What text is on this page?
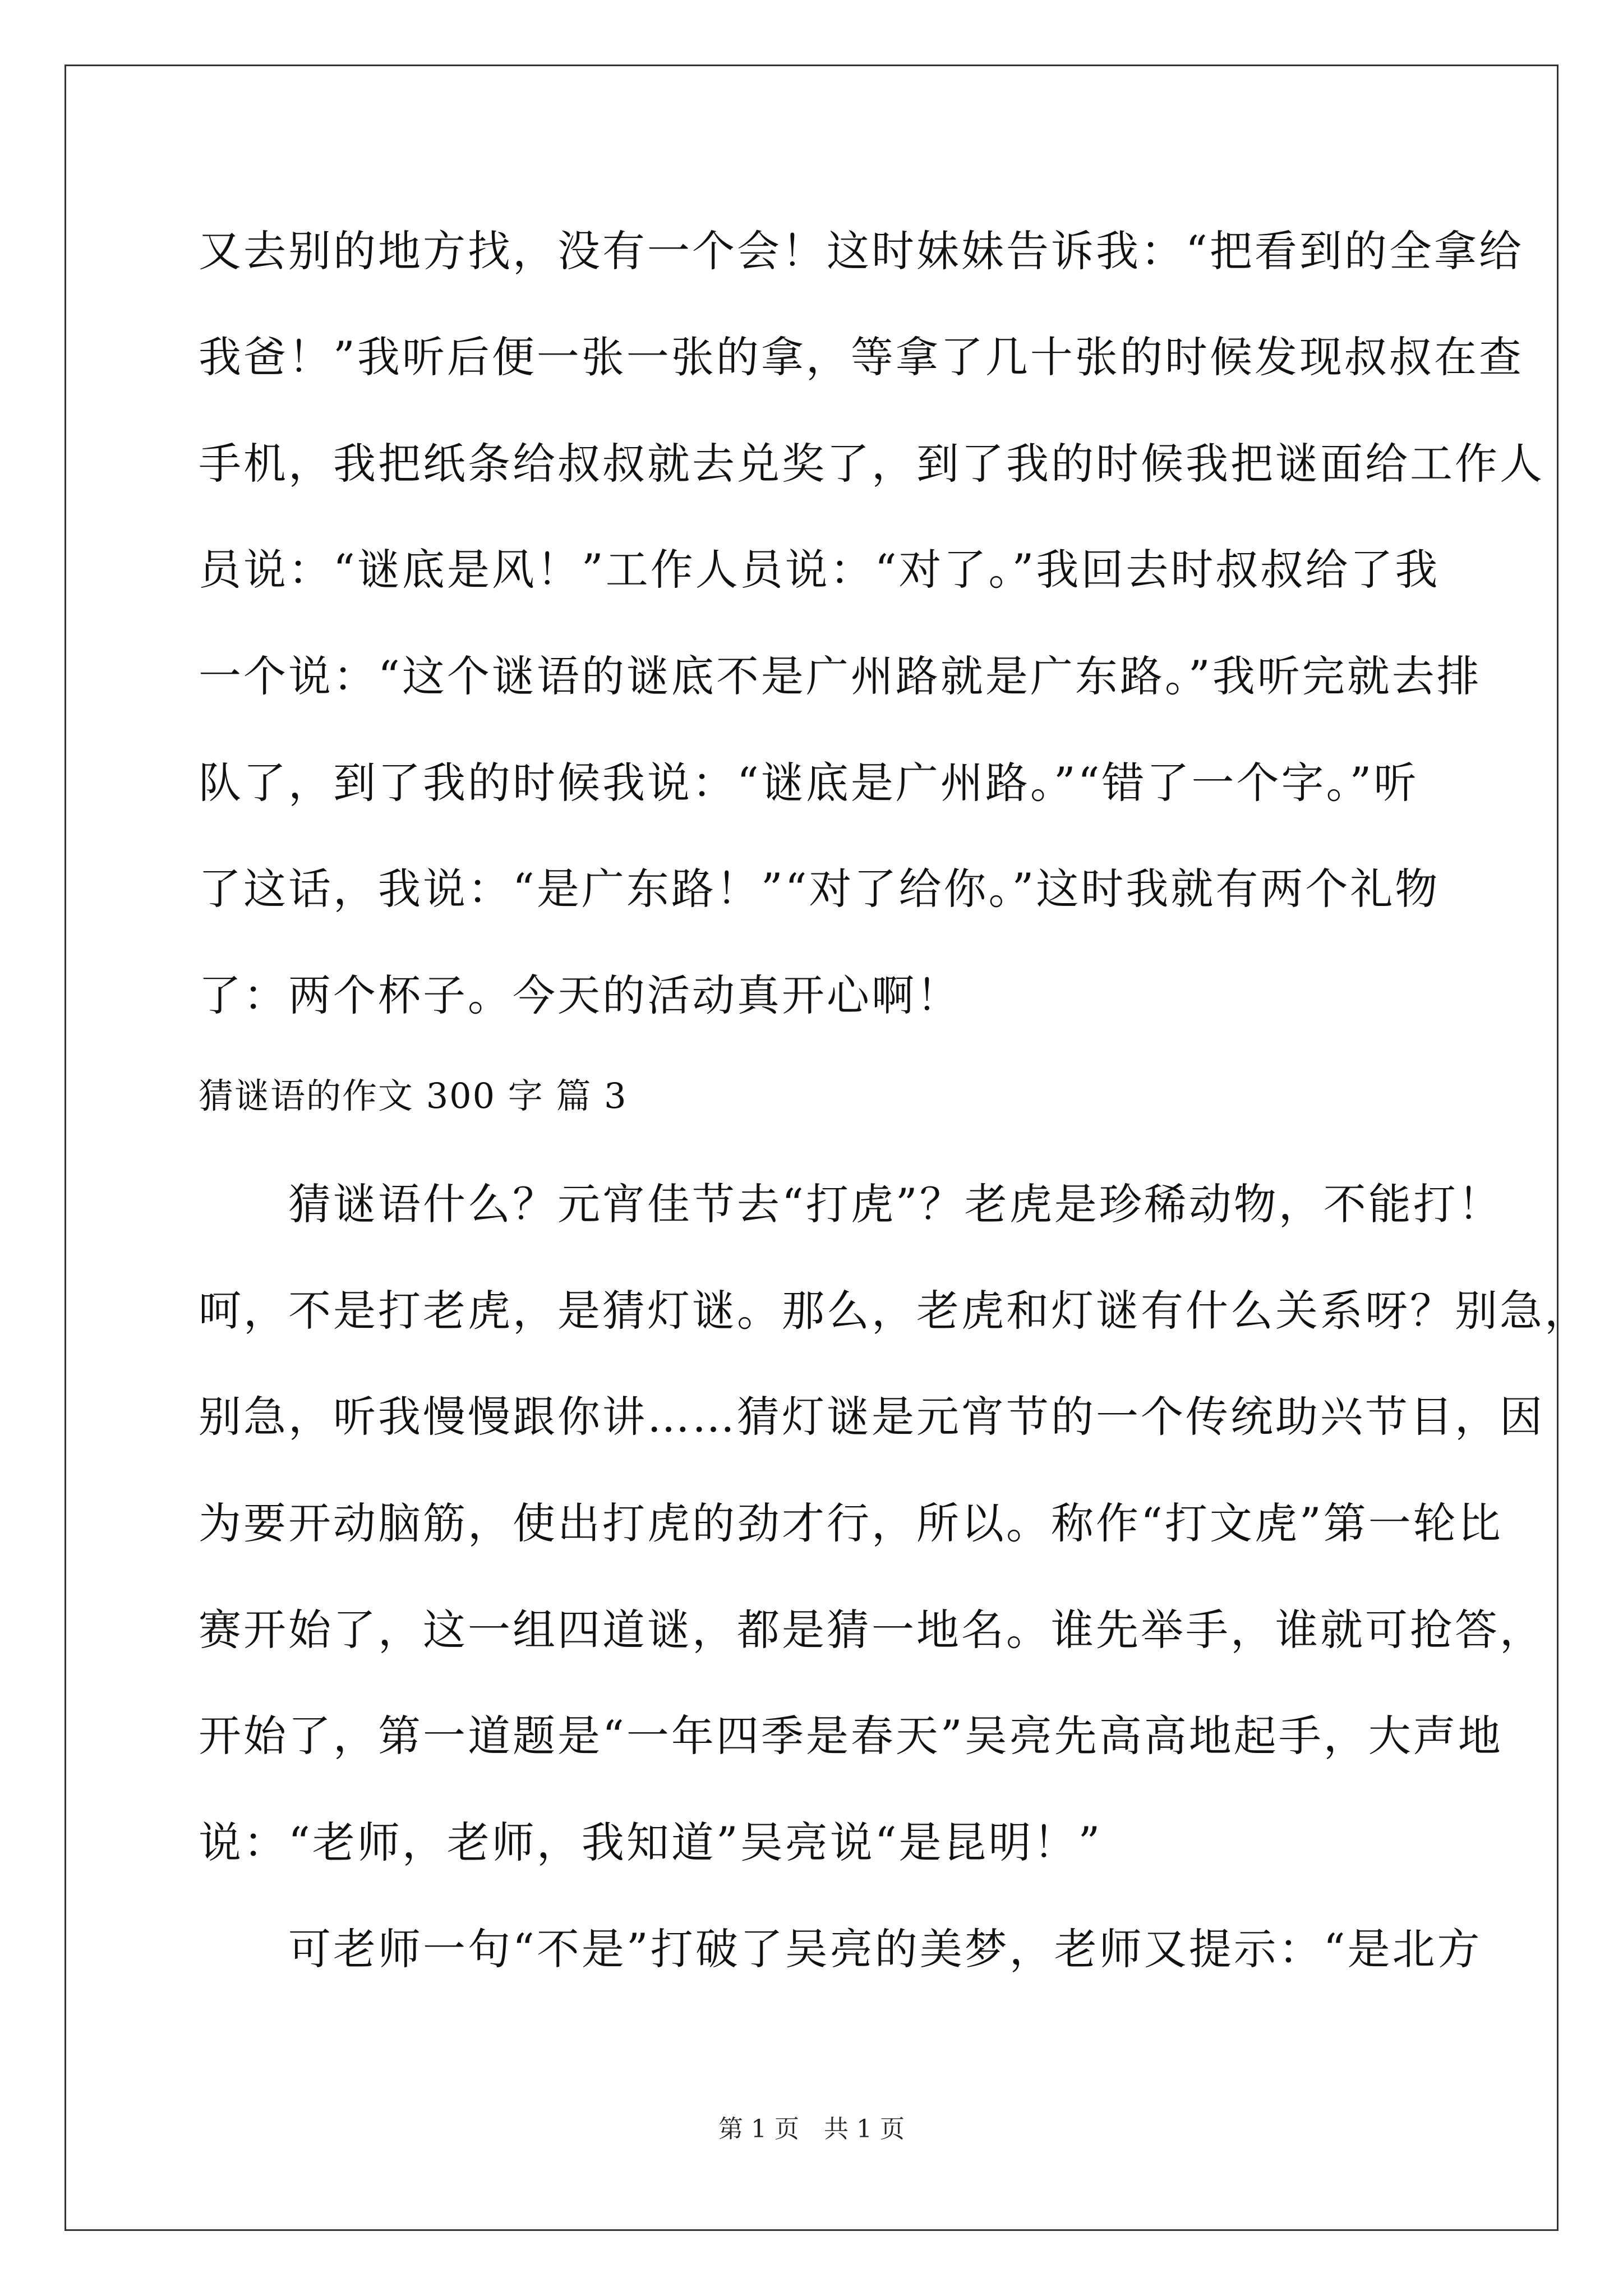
又去别的地方找，没有一个会！这时妹妹告诉我：“把看到的全拿给
我爸！”我听后便一张一张的拿，等拿了几十张的时候发现叔叔在查
手机，我把纸条给叔叔就去兑奖了，到了我的时候我把谜面给工作人
员说：“谜底是风！”工作人员说：“对了。”我回去时叔叔给了我
一个说：“这个谜语的谜底不是广州路就是广东路。”我听完就去排
队了，到了我的时候我说：“谜底是广州路。”“错了一个字。”听
了这话，我说：“是广东路！”“对了给你。”这时我就有两个礼物
了：两个杯子。今天的活动真开心啊！
猜谜语的作文 300 字 篇 3
　　猜谜语什么？元宵佳节去“打虎”？老虎是珍稀动物，不能打！
呵，不是打老虎，是猜灯谜。那么，老虎和灯谜有什么关系呀？别急，
别急，听我慢慢跟你讲……猜灯谜是元宵节的一个传统助兴节目，因
为要开动脑筋，使出打虎的劲才行，所以。称作“打文虎”第一轮比
赛开始了，这一组四道谜，都是猜一地名。谁先举手，谁就可抢答，
开始了，第一道题是“一年四季是春天”吴亮先高高地起手，大声地
说：“老师，老师，我知道”吴亮说“是昆明！”
　　可老师一句“不是”打破了吴亮的美梦，老师又提示：“是北方
第 1 页　共 1 页
